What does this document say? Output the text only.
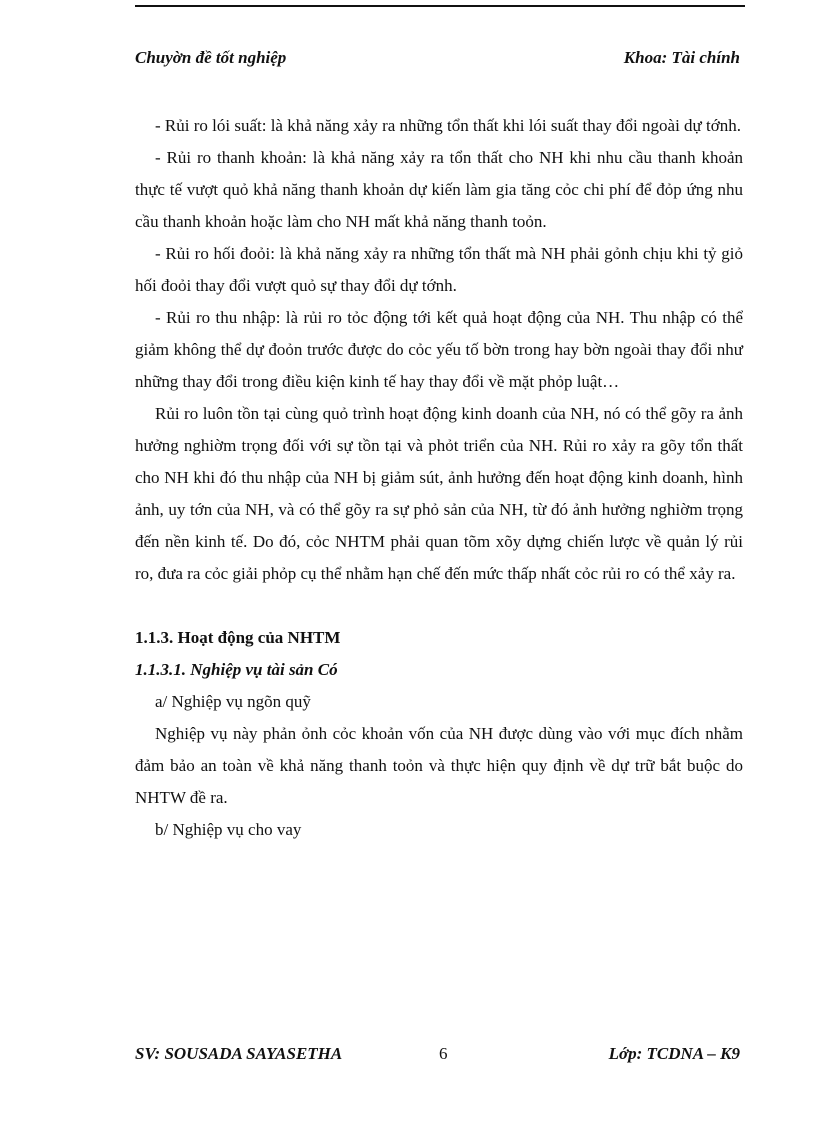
Chuyờn đề tốt nghiệp	Khoa: Tài chính

- Rủi ro lói suất: là khả năng xảy ra những tổn thất khi lói suất thay đổi ngoài dự tớnh.

- Rủi ro thanh khoản: là khả năng xảy ra tổn thất cho NH khi nhu cầu thanh khoản thực tế vượt quỏ khả năng thanh khoản dự kiến làm gia tăng cỏc chi phí để đỏp ứng nhu cầu thanh khoản hoặc làm cho NH mất khả năng thanh toỏn.

- Rủi ro hối đoỏi: là khả năng xảy ra những tổn thất mà NH phải gỏnh chịu khi tỷ giỏ hối đoỏi thay đổi vượt quỏ sự thay đổi dự tớnh.

- Rủi ro thu nhập: là rủi ro tỏc động tới kết quả hoạt động của NH. Thu nhập có thể giảm không thể dự đoỏn trước được do cỏc yếu tố bờn trong hay bờn ngoài thay đổi như những thay đổi trong điều kiện kinh tế hay thay đổi về mặt phỏp luật…

Rủi ro luôn tồn tại cùng quỏ trình hoạt động kinh doanh của NH, nó có thể gõy ra ảnh hưởng nghiờm trọng đối với sự tồn tại và phỏt triển của NH. Rủi ro xảy ra gõy tổn thất cho NH khi đó thu nhập của NH bị giảm sút, ảnh hưởng đến hoạt động kinh doanh, hình ảnh, uy tớn của NH, và có thể gõy ra sự phỏ sản của NH, từ đó ảnh hưởng nghiờm trọng đến nền kinh tế. Do đó, cỏc NHTM phải quan tõm xõy dựng chiến lược về quản lý rủi ro, đưa ra cỏc giải phỏp cụ thể nhằm hạn chế đến mức thấp nhất cỏc rủi ro có thể xảy ra.

1.1.3. Hoạt động của NHTM

1.1.3.1. Nghiệp vụ tài sản Có

a/ Nghiệp vụ ngõn quỹ

Nghiệp vụ này phản ỏnh cỏc khoản vốn của NH được dùng vào với mục đích nhằm đảm bảo an toàn về khả năng thanh toỏn và thực hiện quy định về dự trữ bắt buộc do NHTW đề ra.

b/ Nghiệp vụ cho vay

SV: SOUSADA SAYASETHA	6	Lớp: TCDNA – K9
